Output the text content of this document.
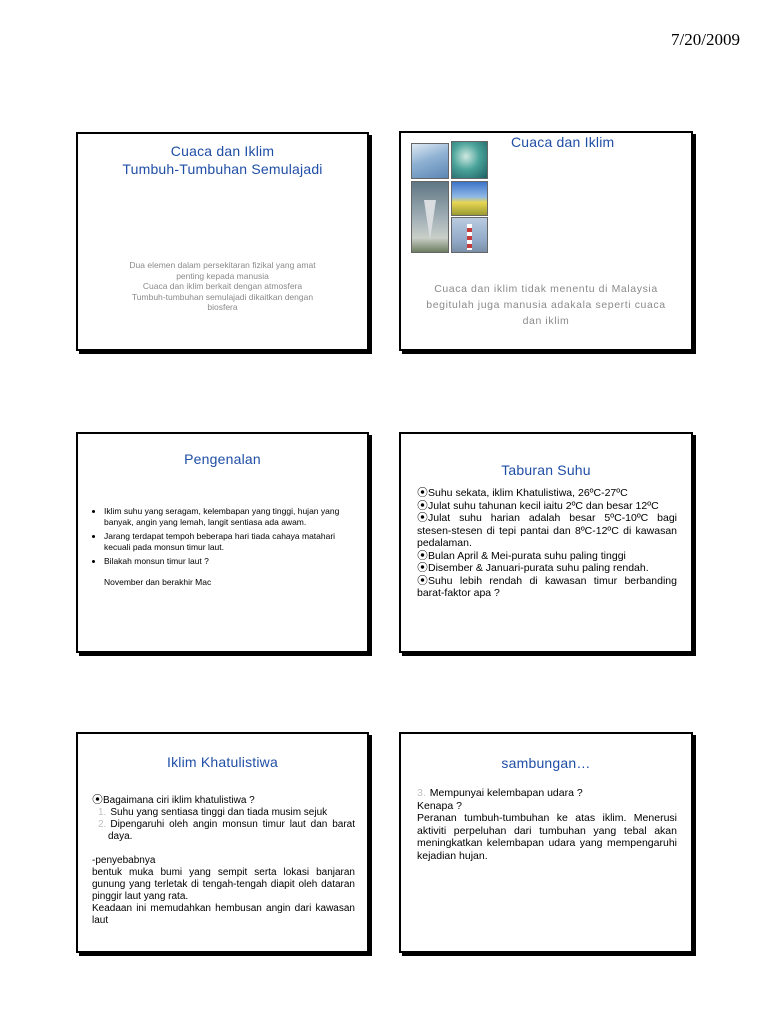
7/20/2009
Cuaca dan Iklim
Tumbuh-Tumbuhan Semulajadi
Dua elemen dalam persekitaran fizikal yang amat
penting kepada manusia
Cuaca dan iklim berkait dengan atmosfera
Tumbuh-tumbuhan semulajadi dikaitkan dengan
biosfera
Cuaca dan Iklim
Cuaca dan iklim tidak menentu di Malaysia
begitulah juga manusia adakala seperti cuaca
dan iklim
Pengenalan
• Iklim suhu yang seragam, kelembapan yang tinggi, hujan yang banyak, angin yang lemah, langit sentiasa ada awam.
• Jarang terdapat tempoh beberapa hari tiada cahaya matahari kecuali pada monsun timur laut.
• Bilakah monsun timur laut ?
November dan berakhir Mac
Taburan Suhu
⦿Suhu sekata, iklim Khatulistiwa, 26ºC-27ºC
⦿Julat suhu tahunan kecil iaitu 2ºC dan besar 12ºC
⦿Julat suhu harian adalah besar 5ºC-10ºC bagi stesen-stesen di tepi pantai dan 8ºC-12ºC di kawasan pedalaman.
⦿Bulan April & Mei-purata suhu paling tinggi
⦿Disember & Januari-purata suhu paling rendah.
⦿Suhu lebih rendah di kawasan timur berbanding barat-faktor apa ?
Iklim Khatulistiwa
⦿Bagaimana ciri iklim khatulistiwa ?
1. Suhu yang sentiasa tinggi dan tiada musim sejuk
2. Dipengaruhi oleh angin monsun timur laut dan barat daya.
-penyebabnya
bentuk muka bumi yang sempit serta lokasi banjaran gunung yang terletak di tengah-tengah diapit oleh dataran pinggir laut yang rata.
Keadaan ini memudahkan hembusan angin dari kawasan laut
sambungan…
3. Mempunyai kelembapan udara ?
Kenapa ?
Peranan tumbuh-tumbuhan ke atas iklim. Menerusi aktiviti perpeluhan dari tumbuhan yang tebal akan meningkatkan kelembapan udara yang mempengaruhi kejadian hujan.
